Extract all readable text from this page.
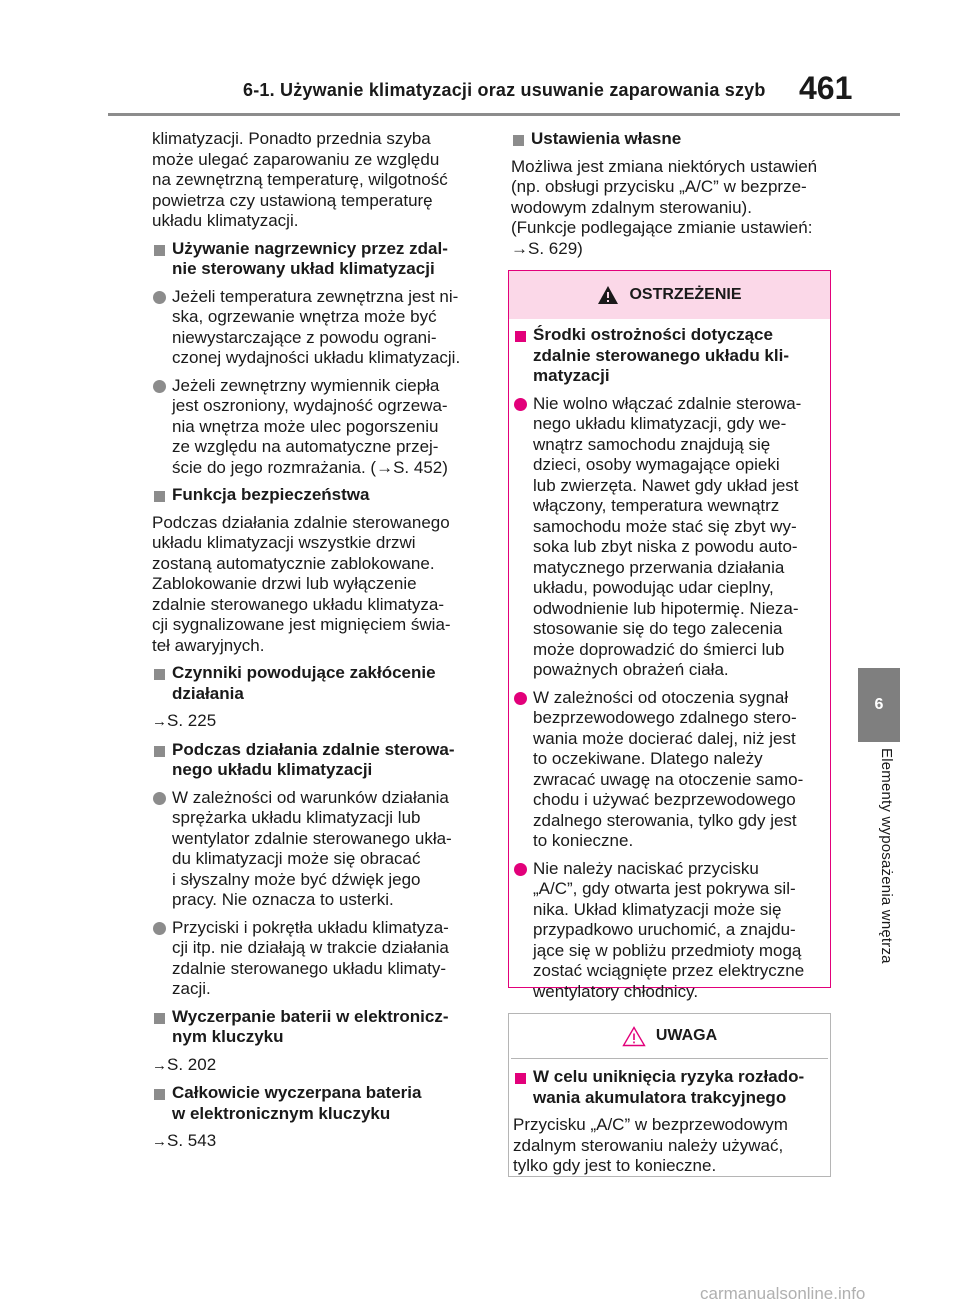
6-1. Używanie klimatyzacji oraz usuwanie zaparowania szyb 461
6
Elementy wyposażenia wnętrza

klimatyzacji. Ponadto przednia szyba
może ulegać zaparowaniu ze względu
na zewnętrzną temperaturę, wilgotność
powietrza czy ustawioną temperaturę
układu klimatyzacji.

Używanie nagrzewnicy przez zdal-
nie sterowany układ klimatyzacji
Jeżeli temperatura zewnętrzna jest ni-
ska, ogrzewanie wnętrza może być
niewystarczające z powodu ograni-
czonej wydajności układu klimatyzacji.
Jeżeli zewnętrzny wymiennik ciepła
jest oszroniony, wydajność ogrzewa-
nia wnętrza może ulec pogorszeniu
ze względu na automatyczne przej-
ście do jego rozmrażania. (→S. 452)
Funkcja bezpieczeństwa

Podczas działania zdalnie sterowanego
układu klimatyzacji wszystkie drzwi
zostaną automatycznie zablokowane.
Zablokowanie drzwi lub wyłączenie
zdalnie sterowanego układu klimatyza-
cji sygnalizowane jest mignięciem świa-
teł awaryjnych.

Czynniki powodujące zakłócenie
działania
→S. 225
Podczas działania zdalnie sterowa-
nego układu klimatyzacji
W zależności od warunków działania
sprężarka układu klimatyzacji lub
wentylator zdalnie sterowanego ukła-
du klimatyzacji może się obracać
i słyszalny może być dźwięk jego
pracy. Nie oznacza to usterki.
Przyciski i pokrętła układu klimatyza-
cji itp. nie działają w trakcie działania
zdalnie sterowanego układu klimaty-
zacji.
Wyczerpanie baterii w elektronicz-
nym kluczyku
→S. 202
Całkowicie wyczerpana bateria
w elektronicznym kluczyku
→S. 543
Ustawienia własne

Możliwa jest zmiana niektórych ustawień
(np. obsługi przycisku „A/C” w bezprze-
wodowym zdalnym sterowaniu).
(Funkcje podlegające zmianie ustawień:
→S. 629)

OSTRZEŻENIE
Środki ostrożności dotyczące
zdalnie sterowanego układu kli-
matyzacji
Nie wolno włączać zdalnie sterowa-
nego układu klimatyzacji, gdy we-
wnątrz samochodu znajdują się
dzieci, osoby wymagające opieki
lub zwierzęta. Nawet gdy układ jest
włączony, temperatura wewnątrz
samochodu może stać się zbyt wy-
soka lub zbyt niska z powodu auto-
matycznego przerwania działania
układu, powodując udar cieplny,
odwodnienie lub hipotermię. Nieza-
stosowanie się do tego zalecenia
może doprowadzić do śmierci lub
poważnych obrażeń ciała.
W zależności od otoczenia sygnał
bezprzewodowego zdalnego stero-
wania może docierać dalej, niż jest
to oczekiwane. Dlatego należy
zwracać uwagę na otoczenie samo-
chodu i używać bezprzewodowego
zdalnego sterowania, tylko gdy jest
to konieczne.
Nie należy naciskać przycisku
„A/C”, gdy otwarta jest pokrywa sil-
nika. Układ klimatyzacji może się
przypadkowo uruchomić, a znajdu-
jące się w pobliżu przedmioty mogą
zostać wciągnięte przez elektryczne
wentylatory chłodnicy.
UWAGA
W celu uniknięcia ryzyka rozłado-
wania akumulatora trakcyjnego

Przycisku „A/C” w bezprzewodowym
zdalnym sterowaniu należy używać,
tylko gdy jest to konieczne.

carmanualsonline.info
